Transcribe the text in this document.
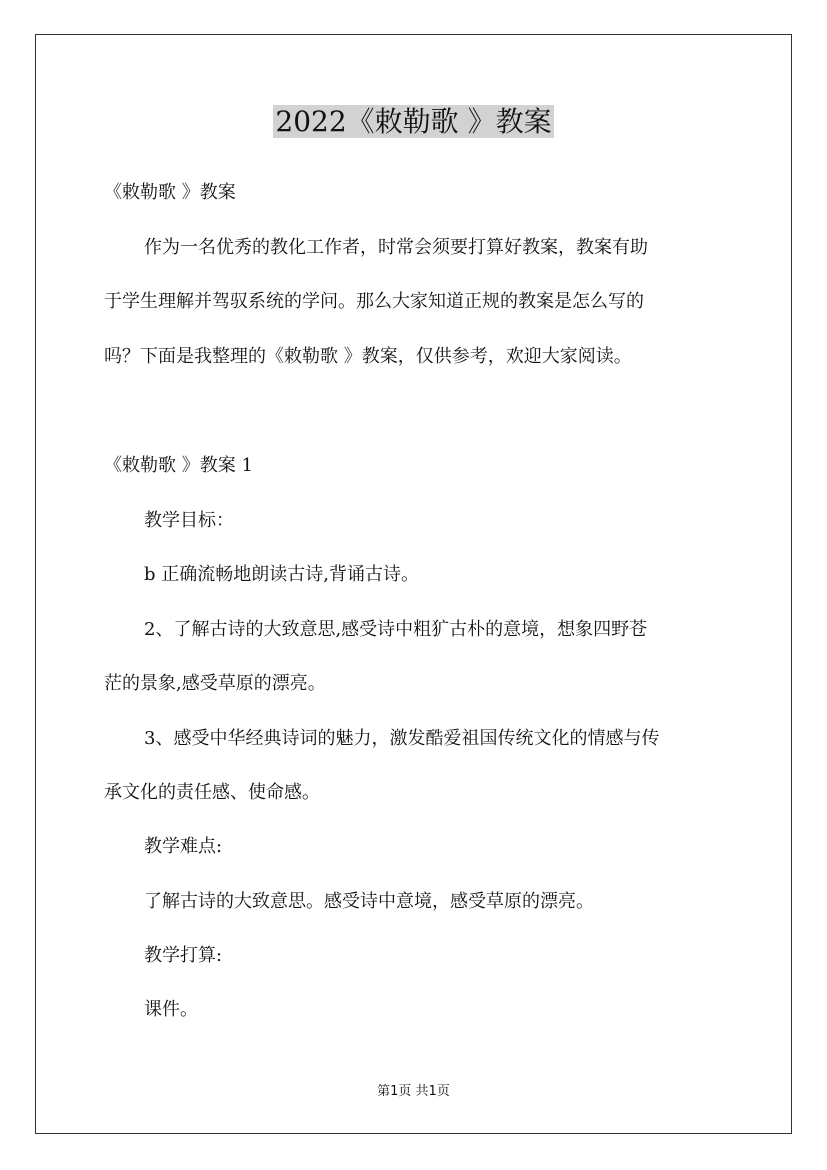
2022《敕勒歌 》教案

《敕勒歌 》教案

作为一名优秀的教化工作者，时常会须要打算好教案，教案有助

于学生理解并驾驭系统的学问。那么大家知道正规的教案是怎么写的

吗？下面是我整理的《敕勒歌 》教案，仅供参考，欢迎大家阅读。

《敕勒歌 》教案 1

教学目标：

b 正确流畅地朗读古诗,背诵古诗。

2、了解古诗的大致意思,感受诗中粗犷古朴的意境，想象四野苍

茫的景象,感受草原的漂亮。

3、感受中华经典诗词的魅力，激发酷爱祖国传统文化的情感与传

承文化的责任感、使命感。

教学难点:

了解古诗的大致意思。感受诗中意境，感受草原的漂亮。

教学打算:

课件。

第1页 共1页
